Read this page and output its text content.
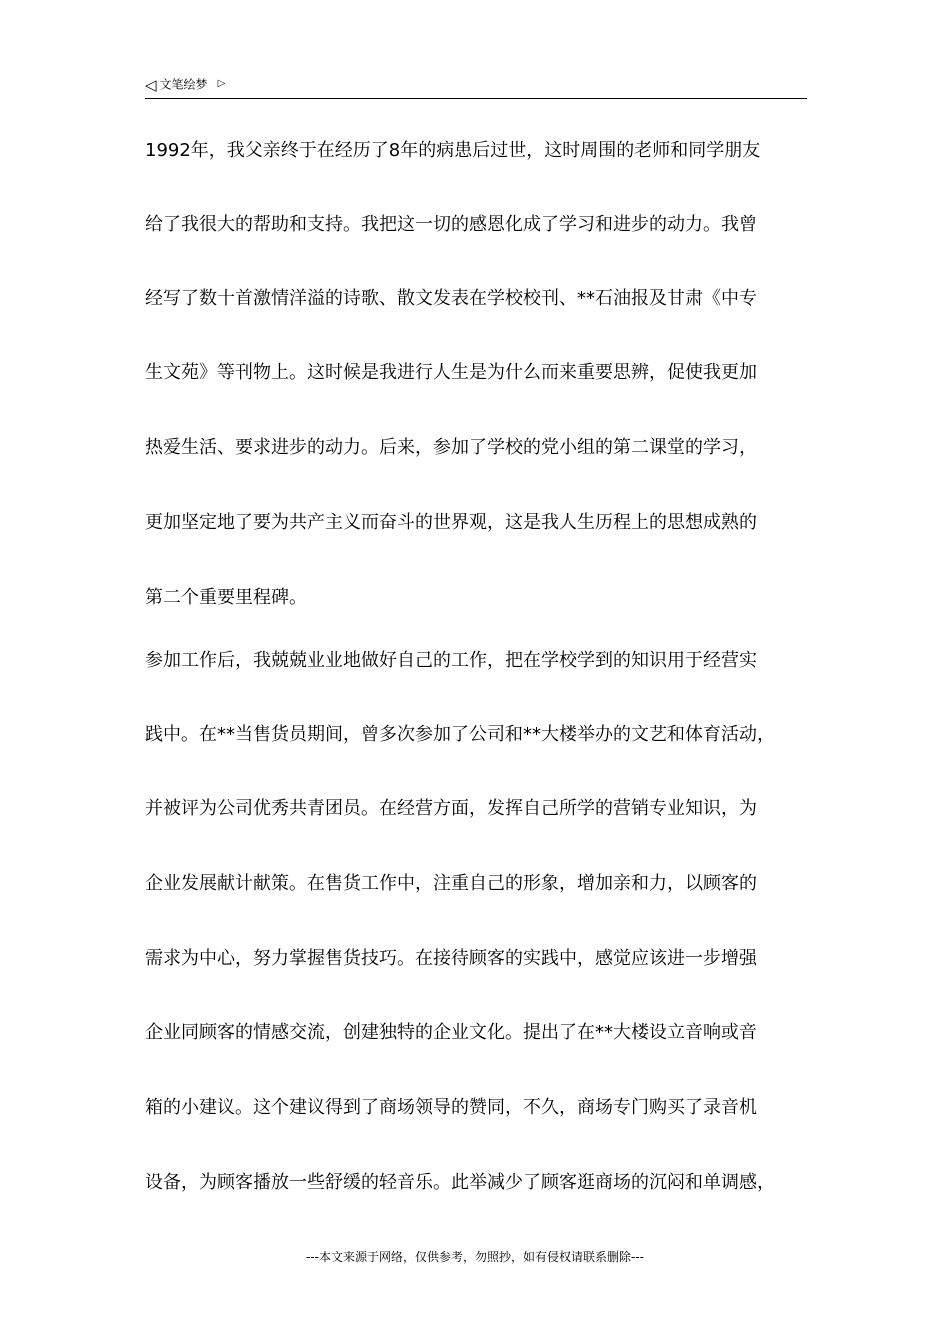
◁ 文笔绘梦 ▷
1992年，我父亲终于在经历了8年的病患后过世，这时周围的老师和同学朋友
给了我很大的帮助和支持。我把这一切的感恩化成了学习和进步的动力。我曾
经写了数十首激情洋溢的诗歌、散文发表在学校校刊、**石油报及甘肃《中专
生文苑》等刊物上。这时候是我进行人生是为什么而来重要思辨，促使我更加
热爱生活、要求进步的动力。后来，参加了学校的党小组的第二课堂的学习，
更加坚定地了要为共产主义而奋斗的世界观，这是我人生历程上的思想成熟的
第二个重要里程碑。
参加工作后，我兢兢业业地做好自己的工作，把在学校学到的知识用于经营实
践中。在**当售货员期间，曾多次参加了公司和**大楼举办的文艺和体育活动，
并被评为公司优秀共青团员。在经营方面，发挥自己所学的营销专业知识，为
企业发展献计献策。在售货工作中，注重自己的形象，增加亲和力，以顾客的
需求为中心，努力掌握售货技巧。在接待顾客的实践中，感觉应该进一步增强
企业同顾客的情感交流，创建独特的企业文化。提出了在**大楼设立音响或音
箱的小建议。这个建议得到了商场领导的赞同，不久，商场专门购买了录音机
设备，为顾客播放一些舒缓的轻音乐。此举减少了顾客逛商场的沉闷和单调感，
---本文来源于网络，仅供参考，勿照抄，如有侵权请联系删除---
